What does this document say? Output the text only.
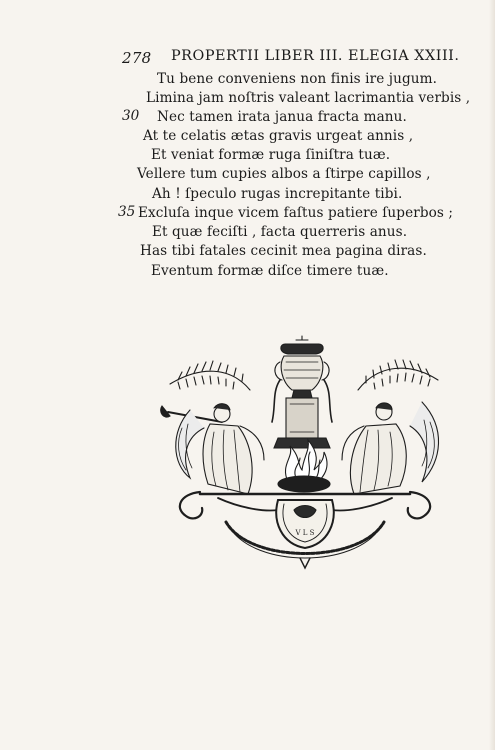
278 PROPERTII LIBER III. ELEGIA XXIII.
Tu bene conveniens non finis ire jugum.
Limina jam noſtris valeant lacrimantia verbis ,
30 Nec tamen irata janua fracta manu.
At te celatis ætas gravis urgeat annis ,
Et veniat formæ ruga ſiniſtra tuæ.
Vellere tum cupies albos a ſtirpe capillos ,
Ah ! ſpeculo rugas increpitante tibi.
35 Excluſa inque vicem faſtus patiere ſuperbos ;
Et quæ feciſti , facta querreris anus.
Has tibi fatales cecinit mea pagina diras.
Eventum formæ diſce timere tuæ.
V L S
